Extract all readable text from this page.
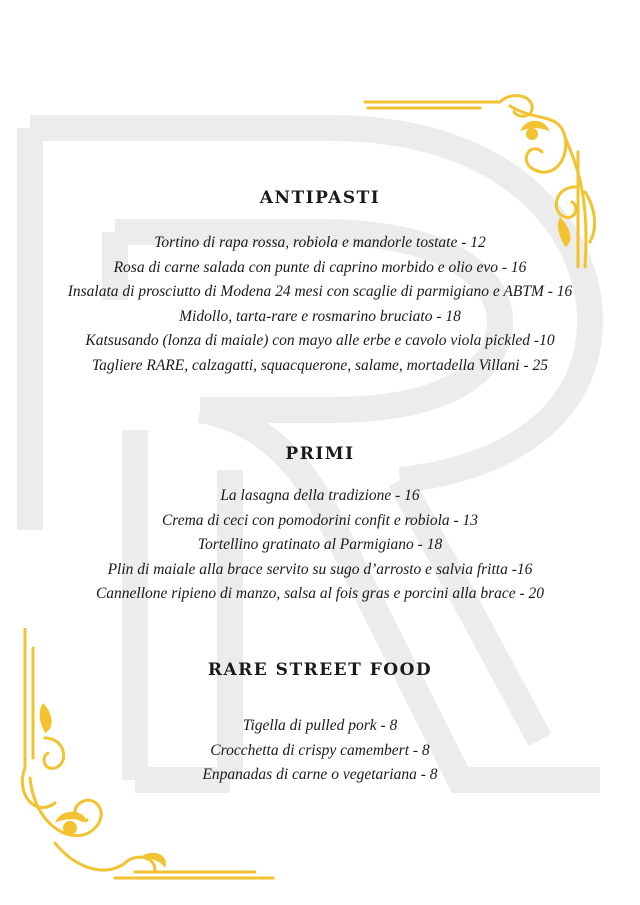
ANTIPASTI
Tortino di rapa rossa, robiola e mandorle tostate - 12
Rosa di carne salada con punte di caprino morbido e olio evo - 16
Insalata di prosciutto di Modena 24 mesi con scaglie di parmigiano e ABTM - 16
Midollo, tarta-rare e rosmarino bruciato - 18
Katsusando (lonza di maiale) con mayo alle erbe e cavolo viola pickled -10
Tagliere RARE, calzagatti, squacquerone, salame, mortadella Villani - 25
PRIMI
La lasagna della tradizione - 16
Crema di ceci con pomodorini confit e robiola - 13
Tortellino gratinato al Parmigiano - 18
Plin di maiale alla brace servito su sugo d’arrosto e salvia fritta -16
Cannellone ripieno di manzo, salsa al fois gras e porcini alla brace - 20
RARE STREET FOOD
Tigella di pulled pork - 8
Crocchetta di crispy camembert - 8
Enpanadas di carne o vegetariana - 8
